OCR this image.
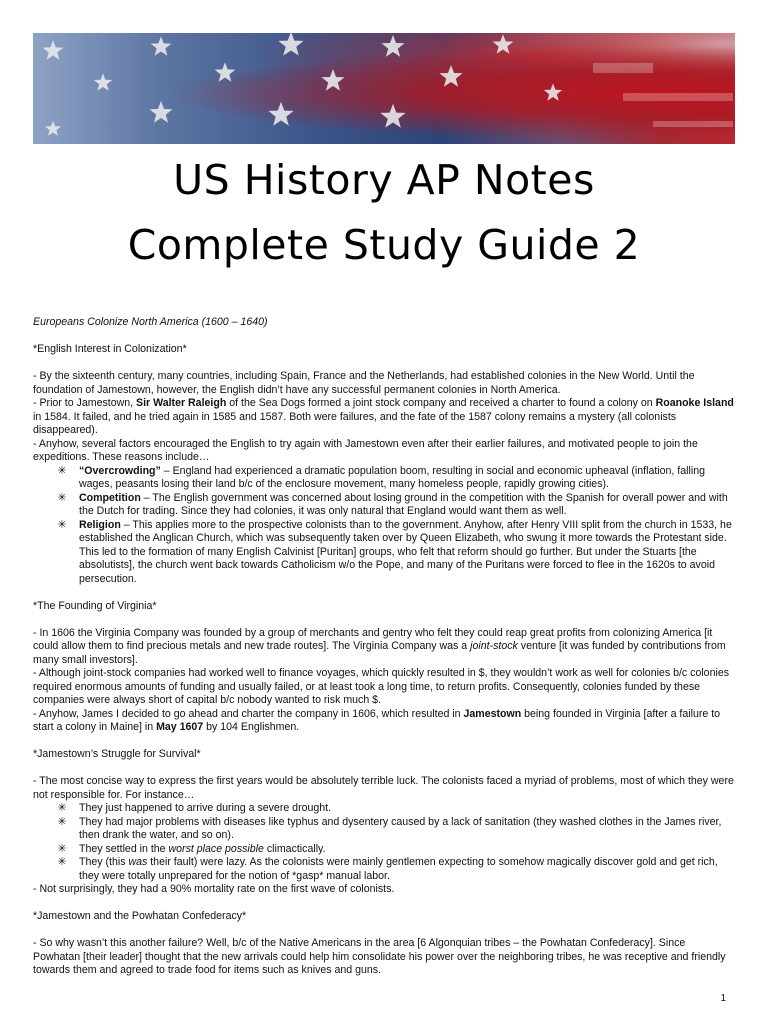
US History AP Notes
Complete Study Guide 2

Europeans Colonize North America (1600 – 1640)

*English Interest in Colonization*

- By the sixteenth century, many countries, including Spain, France and the Netherlands, had established colonies in the New World. Until the foundation of Jamestown, however, the English didn’t have any successful permanent colonies in North America.

- Prior to Jamestown, Sir Walter Raleigh of the Sea Dogs formed a joint stock company and received a charter to found a colony on Roanoke Island in 1584. It failed, and he tried again in 1585 and 1587. Both were failures, and the fate of the 1587 colony remains a mystery (all colonists disappeared).

- Anyhow, several factors encouraged the English to try again with Jamestown even after their earlier failures, and motivated people to join the expeditions. These reasons include…

✳ “Overcrowding” – England had experienced a dramatic population boom, resulting in social and economic upheaval (inflation, falling wages, peasants losing their land b/c of the enclosure movement, many homeless people, rapidly growing cities).
✳ Competition – The English government was concerned about losing ground in the competition with the Spanish for overall power and with the Dutch for trading. Since they had colonies, it was only natural that England would want them as well.
✳ Religion – This applies more to the prospective colonists than to the government. Anyhow, after Henry VIII split from the church in 1533, he established the Anglican Church, which was subsequently taken over by Queen Elizabeth, who swung it more towards the Protestant side. This led to the formation of many English Calvinist [Puritan] groups, who felt that reform should go further. But under the Stuarts [the absolutists], the church went back towards Catholicism w/o the Pope, and many of the Puritans were forced to flee in the 1620s to avoid persecution.

*The Founding of Virginia*

- In 1606 the Virginia Company was founded by a group of merchants and gentry who felt they could reap great profits from colonizing America [it could allow them to find precious metals and new trade routes]. The Virginia Company was a joint-stock venture [it was funded by contributions from many small investors].

- Although joint-stock companies had worked well to finance voyages, which quickly resulted in $, they wouldn’t work as well for colonies b/c colonies required enormous amounts of funding and usually failed, or at least took a long time, to return profits. Consequently, colonies funded by these companies were always short of capital b/c nobody wanted to risk much $.

- Anyhow, James I decided to go ahead and charter the company in 1606, which resulted in Jamestown being founded in Virginia [after a failure to start a colony in Maine] in May 1607 by 104 Englishmen.

*Jamestown’s Struggle for Survival*

- The most concise way to express the first years would be absolutely terrible luck. The colonists faced a myriad of problems, most of which they were not responsible for. For instance…

✳ They just happened to arrive during a severe drought.
✳ They had major problems with diseases like typhus and dysentery caused by a lack of sanitation (they washed clothes in the James river, then drank the water, and so on).
✳ They settled in the worst place possible climactically.
✳ They (this was their fault) were lazy. As the colonists were mainly gentlemen expecting to somehow magically discover gold and get rich, they were totally unprepared for the notion of *gasp* manual labor.

- Not surprisingly, they had a 90% mortality rate on the first wave of colonists.

*Jamestown and the Powhatan Confederacy*

- So why wasn’t this another failure? Well, b/c of the Native Americans in the area [6 Algonquian tribes – the Powhatan Confederacy]. Since Powhatan [their leader] thought that the new arrivals could help him consolidate his power over the neighboring tribes, he was receptive and friendly towards them and agreed to trade food for items such as knives and guns.

1
